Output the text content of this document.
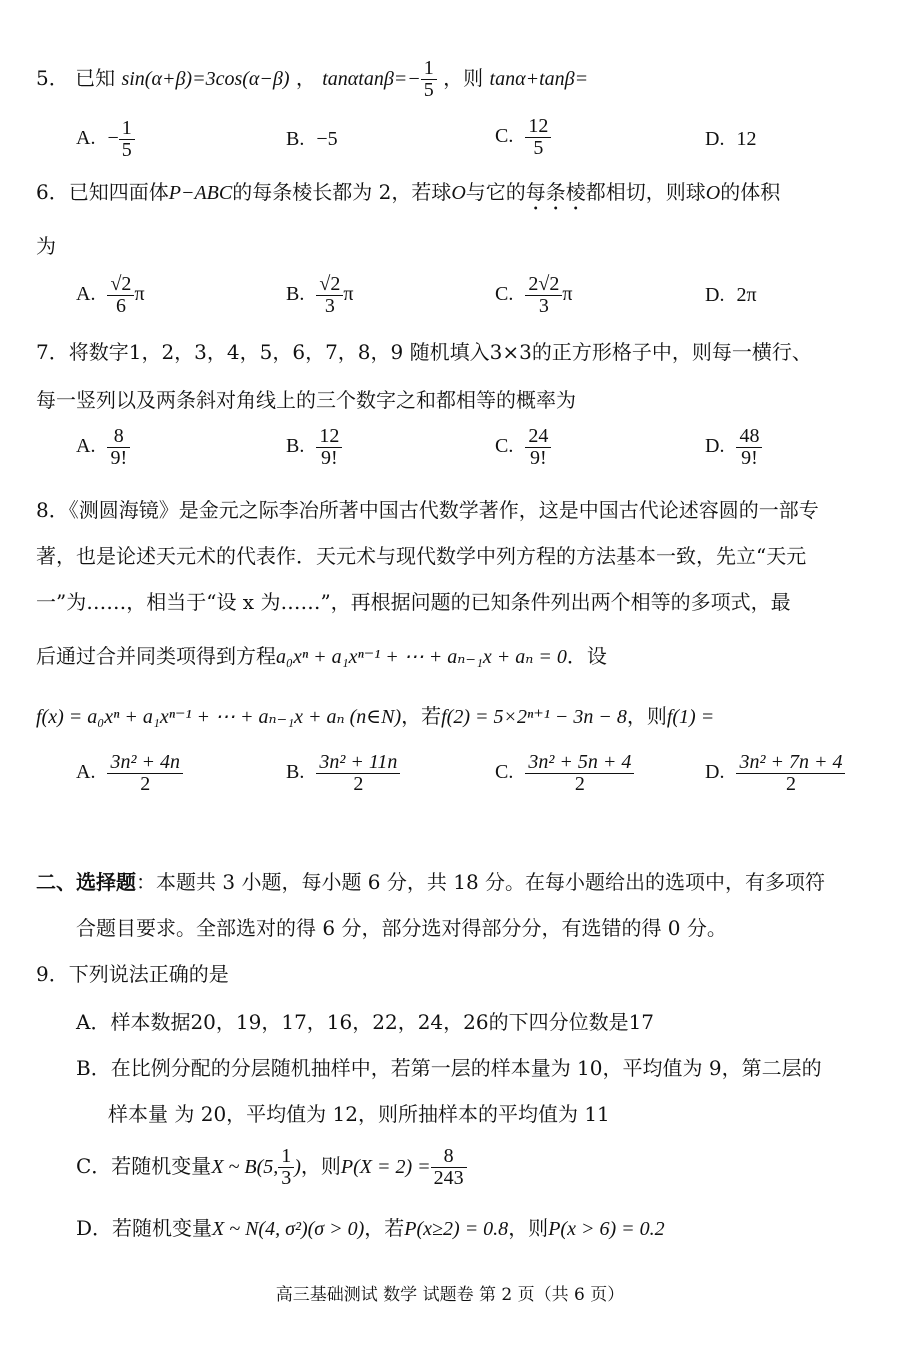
5． 已知 sin(α+β)=3cos(α−β) ， $\tan\alpha\tan\beta=- \frac{1}{5}$ ，则 tanα+tanβ=
A. − $\frac{1}{5}$	B. −5	C. $\frac{12}{5}$	D. 12
6．已知四面体P−ABC的每条棱长都为 2，若球O与它的每条棱都相切，则球O的体积
为
A. $\frac{√2}{6}$ π	B. $\frac{√2}{3}$ π	C. $\frac{2√2}{3}$ π	D. 2π
7．将数字1，2，3，4，5，6，7，8，9 随机填入3×3的正方形格子中，则每一横行、
每一竖列以及两条斜对角线上的三个数字之和都相等的概率为
A. $\frac{8}{9!}$	B. $\frac{12}{9!}$	C. $\frac{24}{9!}$	D. $\frac{48}{9!}$
8．《测圆海镜》是金元之际李冶所著中国古代数学著作，这是中国古代论述容圆的一部专
著，也是论述天元术的代表作．天元术与现代数学中列方程的方法基本一致，先立“天元
一”为……，相当于“设 x 为……”，再根据问题的已知条件列出两个相等的多项式，最
后通过合并同类项得到方程a₀xⁿ + a₁xⁿ⁻¹ + ⋯ + aₙ₋₁x + aₙ = 0．设
f(x) = a₀xⁿ + a₁xⁿ⁻¹ + ⋯ + aₙ₋₁x + aₙ (n∈N)，若f(2) = 5×2ⁿ⁺¹ − 3n − 8，则f(1) =
A. $\frac{\text{3n² + 4n}}{2}$	B. $\frac{\text{3n² + 11n}}{2}$	C. $\frac{\text{3n² + 5n + 4}}{2}$	D. $\frac{\text{3n² + 7n + 4}}{2}$
二、选择题：本题共 3 小题，每小题 6 分，共 18 分。在每小题给出的选项中，有多项符
合题目要求。全部选对的得 6 分，部分选对得部分分，有选错的得 0 分。
9．下列说法正确的是
A．样本数据20，19，17，16，22，24，26的下四分位数是17
B．在比例分配的分层随机抽样中，若第一层的样本量为 10，平均值为 9，第二层的
样本量 为 20，平均值为 12，则所抽样本的平均值为 11
C．若随机变量X ~ B(5, $\frac{1}{3}$ )，则$P(X = 2) = \frac{8}{243}$
D．若随机变量X ~ N(4, σ²)(σ > 0)，若P(x≥2) = 0.8，则P(x > 6) = 0.2
高三基础测试 数学 试题卷 第 2 页（共 6 页）
